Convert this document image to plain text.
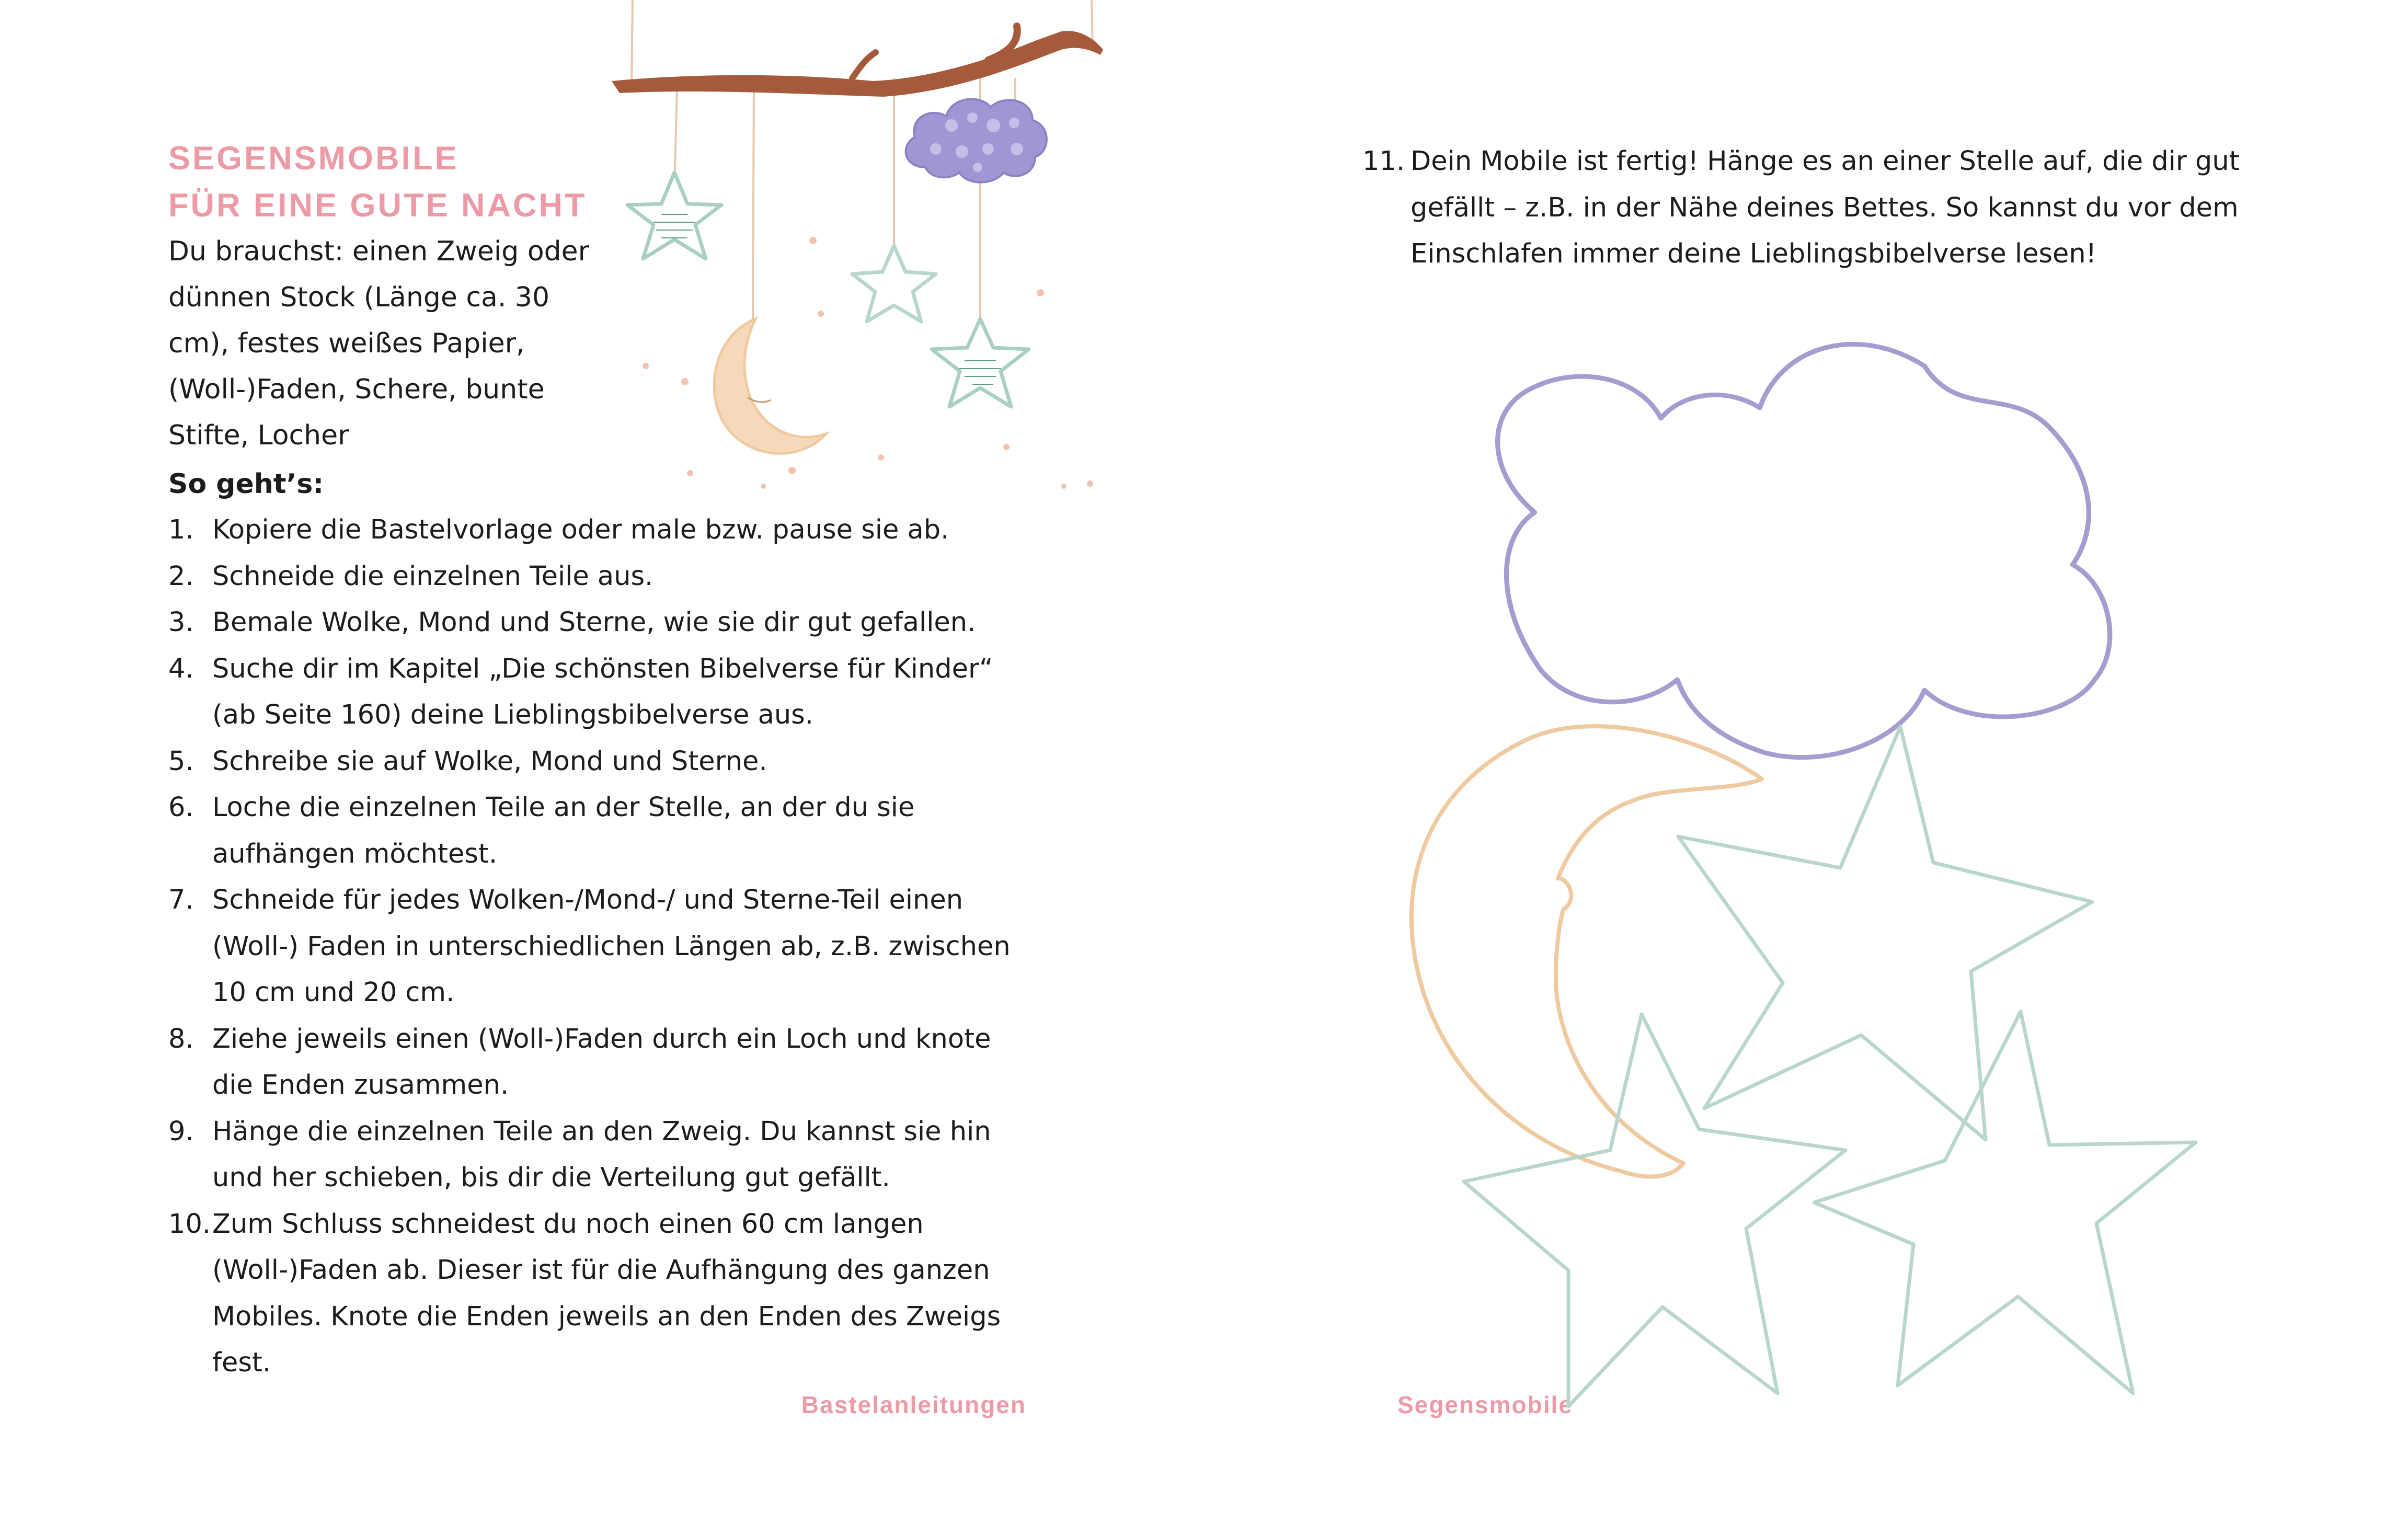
SEGENSMOBILE
FÜR EINE GUTE NACHT

Du brauchst: einen Zweig oder dünnen Stock (Länge ca. 30 cm), festes weißes Papier, (Woll-)Faden, Schere, bunte Stifte, Locher

So geht’s:

1. Kopiere die Bastelvorlage oder male bzw. pause sie ab.
2. Schneide die einzelnen Teile aus.
3. Bemale Wolke, Mond und Sterne, wie sie dir gut gefallen.
4. Suche dir im Kapitel „Die schönsten Bibelverse für Kinder“ (ab Seite 160) deine Lieblingsbibelverse aus.
5. Schreibe sie auf Wolke, Mond und Sterne.
6. Loche die einzelnen Teile an der Stelle, an der du sie aufhängen möchtest.
7. Schneide für jedes Wolken-/Mond-/ und Sterne-Teil einen (Woll-) Faden in unterschiedlichen Längen ab, z.B. zwischen 10 cm und 20 cm.
8. Ziehe jeweils einen (Woll-)Faden durch ein Loch und knote die Enden zusammen.
9. Hänge die einzelnen Teile an den Zweig. Du kannst sie hin und her schieben, bis dir die Verteilung gut gefällt.
10. Zum Schluss schneidest du noch einen 60 cm langen (Woll-)Faden ab. Dieser ist für die Aufhängung des ganzen Mobiles. Knote die Enden jeweils an den Enden des Zweigs fest.
Bastelanleitungen	Segensmobile
11. Dein Mobile ist fertig! Hänge es an einer Stelle auf, die dir gut gefällt – z.B. in der Nähe deines Bettes. So kannst du vor dem Einschlafen immer deine Lieblingsbibelverse lesen!
